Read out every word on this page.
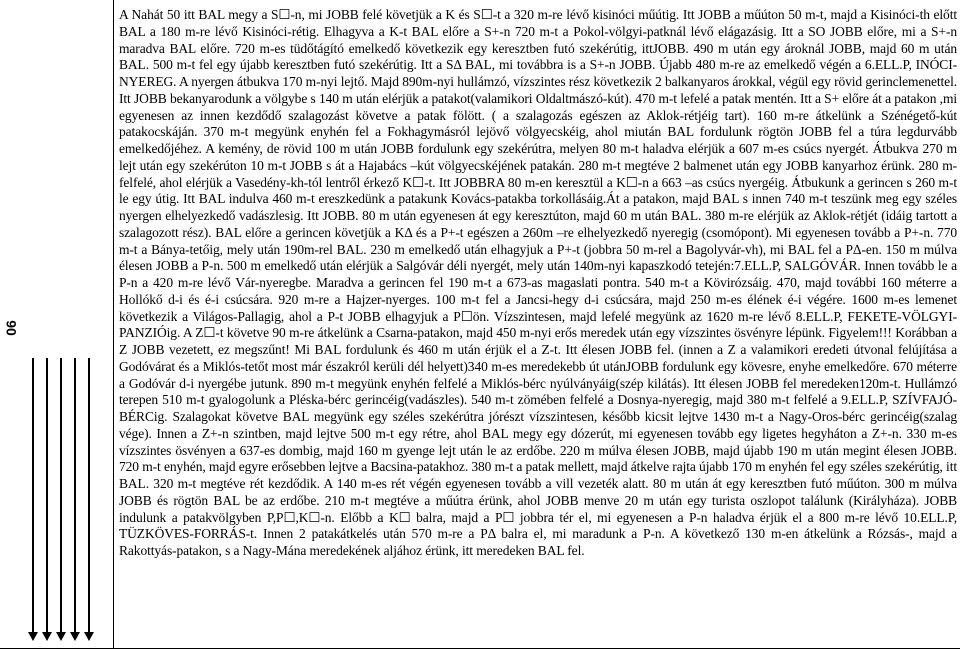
06

A Nahát 50 itt BAL megy a S☐-n, mi JOBB felé követjük a K és S☐-t a 320 m-re lévő kisinóci műútig. Itt JOBB a műúton 50 m-t, majd a Kisinóci-th előtt BAL a 180 m-re lévő Kisinóci-rétig. Elhagyva a K-t BAL előre a S+-n 720 m-t a Pokol-völgyi-patknál lévő elágazásig. Itt a SO JOBB előre, mi a S+-n maradva BAL előre. 720 m-es tüdőtágító emelkedő következik egy keresztben futó szekérútig, ittJOBB. 490 m után egy ároknál JOBB, majd 60 m után BAL. 500 m-t fel egy újabb keresztben futó szekérútig. Itt a SΔ BAL, mi továbbra is a S+-n JOBB. Újabb 480 m-re az emelkedő végén a 6.ELL.P, INÓCI-NYEREG. A nyergen átbukva 170 m-nyi lejtő. Majd 890m-nyi hullámzó, vízszintes rész következik 2 balkanyaros árokkal, végül egy rövid gerinclemenettel. Itt JOBB bekanyarodunk a völgybe s 140 m után elérjük a patakot(valamikori Oldaltmászó-kút). 470 m-t lefelé a patak mentén. Itt a S+ előre át a patakon ,mi egyenesen az innen kezdődő szalagozást követve a patak fölött. ( a szalagozás egészen az Aklok-rétjéig tart). 160 m-re átkelünk a Szénégető-kút patakocskáján. 370 m-t megyünk enyhén fel a Fokhagymásról lejövő völgyecskéig, ahol miután BAL fordulunk rögtön JOBB fel a túra legdurvább emelkedőjéhez. A kemény, de rövid 100 m után JOBB fordulunk egy szekérútra, melyen 80 m-t haladva elérjük a 607 m-es csúcs nyergét. Átbukva 270 m lejt után egy szekérúton 10 m-t JOBB s át a Hajabács –kút völgyecskéjének patakán. 280 m-t megtéve 2 balmenet után egy JOBB kanyarhoz érünk. 280 m- felfelé, ahol elérjük a Vasedény-kh-tól lentről érkező K☐-t. Itt JOBBRA 80 m-en keresztül a K☐-n a 663 –as csúcs nyergéig. Átbukunk a gerincen s 260 m-t le egy útig. Itt BAL indulva 460 m-t ereszkedünk a patakunk Kovács-patakba torkollásáig.Át a patakon, majd BAL s innen 740 m-t teszünk meg egy széles nyergen elhelyezkedő vadászlesig. Itt JOBB. 80 m után egyenesen át egy keresztúton, majd 60 m után BAL. 380 m-re elérjük az Aklok-rétjét (idáig tartott a szalagozott rész). BAL előre a gerincen követjük a KΔ és a P+-t egészen a 260m –re elhelyezkedő nyeregig (csomópont). Mi egyenesen tovább a P+-n. 770 m-t a Bánya-tetőig, mely után 190m-rel BAL. 230 m emelkedő után elhagyjuk a P+-t (jobbra 50 m-rel a Bagolyvár-vh), mi BAL fel a PΔ-en. 150 m múlva élesen JOBB a P-n. 500 m emelkedő után elérjük a Salgóvár déli nyergét, mely után 140m-nyi kapaszkodó tetején:7.ELL.P, SALGÓVÁR. Innen tovább le a P-n a 420 m-re lévő Vár-nyeregbe. Maradva a gerincen fel 190 m-t a 673-as magaslati pontra. 540 m-t a Kövirózsáig. 470, majd további 160 méterre a Hollókő d-i és é-i csúcsára. 920 m-re a Hajzer-nyerges. 100 m-t fel a Jancsi-hegy d-i csúcsára, majd 250 m-es élének é-i végére. 1600 m-es lemenet következik a Világos-Pallagig, ahol a P-t JOBB elhagyjuk a P☐ön. Vízszintesen, majd lefelé megyünk az 1620 m-re lévő 8.ELL.P, FEKETE-VÖLGYI-PANZIÓig. A Z☐-t követve 90 m-re átkelünk a Csarna-patakon, majd 450 m-nyi erős meredek után egy vízszintes ösvényre lépünk. Figyelem!!! Korábban a Z JOBB vezetett, ez megszűnt! Mi BAL fordulunk és 460 m után érjük el a Z-t. Itt élesen JOBB fel. (innen a Z a valamikori eredeti útvonal felújítása a Godóvárat és a Miklós-tetőt most már északról kerüli dél helyett)340 m-es meredekebb út utánJOBB fordulunk egy kövesre, enyhe emelkedőre. 670 méterre a Godóvár d-i nyergébe jutunk. 890 m-t megyünk enyhén felfelé a Miklós-bérc nyúlványáig(szép kilátás). Itt élesen JOBB fel meredeken120m-t. Hullámzó terepen 510 m-t gyalogolunk a Pléska-bérc gerincéig(vadászles). 540 m-t zömében felfelé a Dosnya-nyeregig, majd 380 m-t felfelé a 9.ELL.P, SZÍVFAJÓ-BÉRCig. Szalagokat követve BAL megyünk egy széles szekérútra jórészt vízszintesen, később kicsit lejtve 1430 m-t a Nagy-Oros-bérc gerincéig(szalag vége). Innen a Z+-n szintben, majd lejtve 500 m-t egy rétre, ahol BAL megy egy dózerút, mi egyenesen tovább egy ligetes hegyháton a Z+-n. 330 m-es vízszintes ösvényen a 637-es dombig, majd 160 m gyenge lejt után le az erdőbe. 220 m múlva élesen JOBB, majd újabb 190 m után megint élesen JOBB. 720 m-t enyhén, majd egyre erősebben lejtve a Bacsina-patakhoz. 380 m-t a patak mellett, majd átkelve rajta újabb 170 m enyhén fel egy széles szekérútig, itt BAL. 320 m-t megtéve rét kezdődik. A 140 m-es rét végén egyenesen tovább a vill vezeték alatt. 80 m után át egy keresztben futó műúton. 300 m múlva JOBB és rögtön BAL be az erdőbe. 210 m-t megtéve a műútra érünk, ahol JOBB menve 20 m után egy turista oszlopot találunk (Királyháza). JOBB indulunk a patakvölgyben P,P☐,K☐-n. Előbb a K☐ balra, majd a P☐ jobbra tér el, mi egyenesen a P-n haladva érjük el a 800 m-re lévő 10.ELL.P, TÜZKÖVES-FORRÁS-t. Innen 2 patakátkelés után 570 m-re a PΔ balra el, mi maradunk a P-n. A következő 130 m-en átkelünk a Rózsás-, majd a Rakottyás-patakon, s a Nagy-Mána meredekének aljához érünk, itt meredeken BAL fel.
